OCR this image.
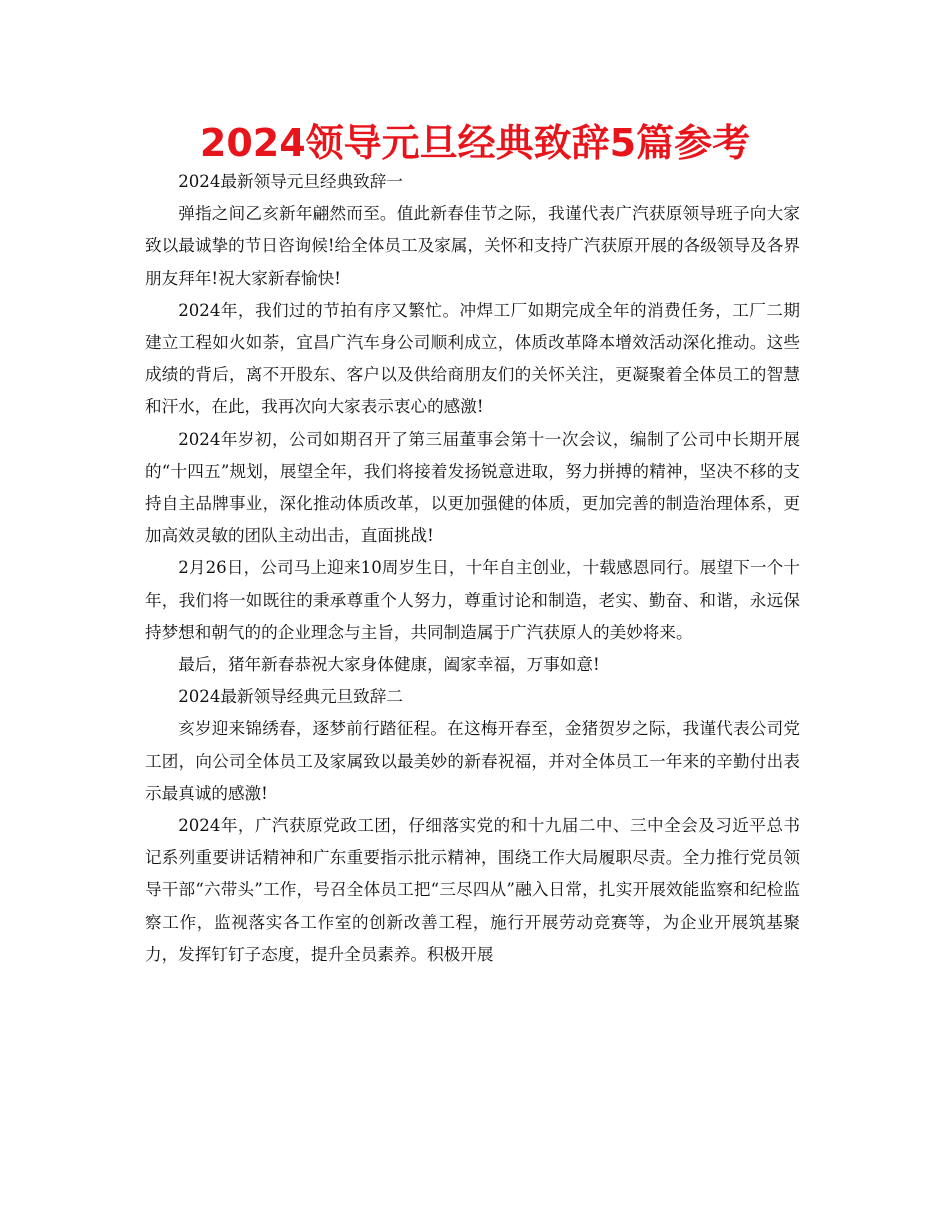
2024领导元旦经典致辞5篇参考

2024最新领导元旦经典致辞一

弹指之间乙亥新年翩然而至。值此新春佳节之际，我谨代表广汽获原领导班子向大家致以最诚挚的节日咨询候!给全体员工及家属，关怀和支持广汽获原开展的各级领导及各界朋友拜年!祝大家新春愉快!

2024年，我们过的节拍有序又繁忙。冲焊工厂如期完成全年的消费任务，工厂二期建立工程如火如荼，宜昌广汽车身公司顺利成立，体质改革降本增效活动深化推动。这些成绩的背后，离不开股东、客户以及供给商朋友们的关怀关注，更凝聚着全体员工的智慧和汗水，在此，我再次向大家表示衷心的感激!

2024年岁初，公司如期召开了第三届董事会第十一次会议，编制了公司中长期开展的“十四五”规划，展望全年，我们将接着发扬锐意进取，努力拼搏的精神，坚决不移的支持自主品牌事业，深化推动体质改革，以更加强健的体质，更加完善的制造治理体系，更加高效灵敏的团队主动出击，直面挑战!

2月26日，公司马上迎来10周岁生日，十年自主创业，十载感恩同行。展望下一个十年，我们将一如既往的秉承尊重个人努力，尊重讨论和制造，老实、勤奋、和谐，永远保持梦想和朝气的的企业理念与主旨，共同制造属于广汽获原人的美妙将来。

最后，猪年新春恭祝大家身体健康，阖家幸福，万事如意!

2024最新领导经典元旦致辞二

亥岁迎来锦绣春，逐梦前行踏征程。在这梅开春至，金猪贺岁之际，我谨代表公司党工团，向公司全体员工及家属致以最美妙的新春祝福，并对全体员工一年来的辛勤付出表示最真诚的感激!

2024年，广汽获原党政工团，仔细落实党的和十九届二中、三中全会及习近平总书记系列重要讲话精神和广东重要指示批示精神，围绕工作大局履职尽责。全力推行党员领导干部“六带头”工作，号召全体员工把“三尽四从”融入日常，扎实开展效能监察和纪检监察工作，监视落实各工作室的创新改善工程，施行开展劳动竞赛等，为企业开展筑基聚力，发挥钉钉子态度，提升全员素养。积极开展
